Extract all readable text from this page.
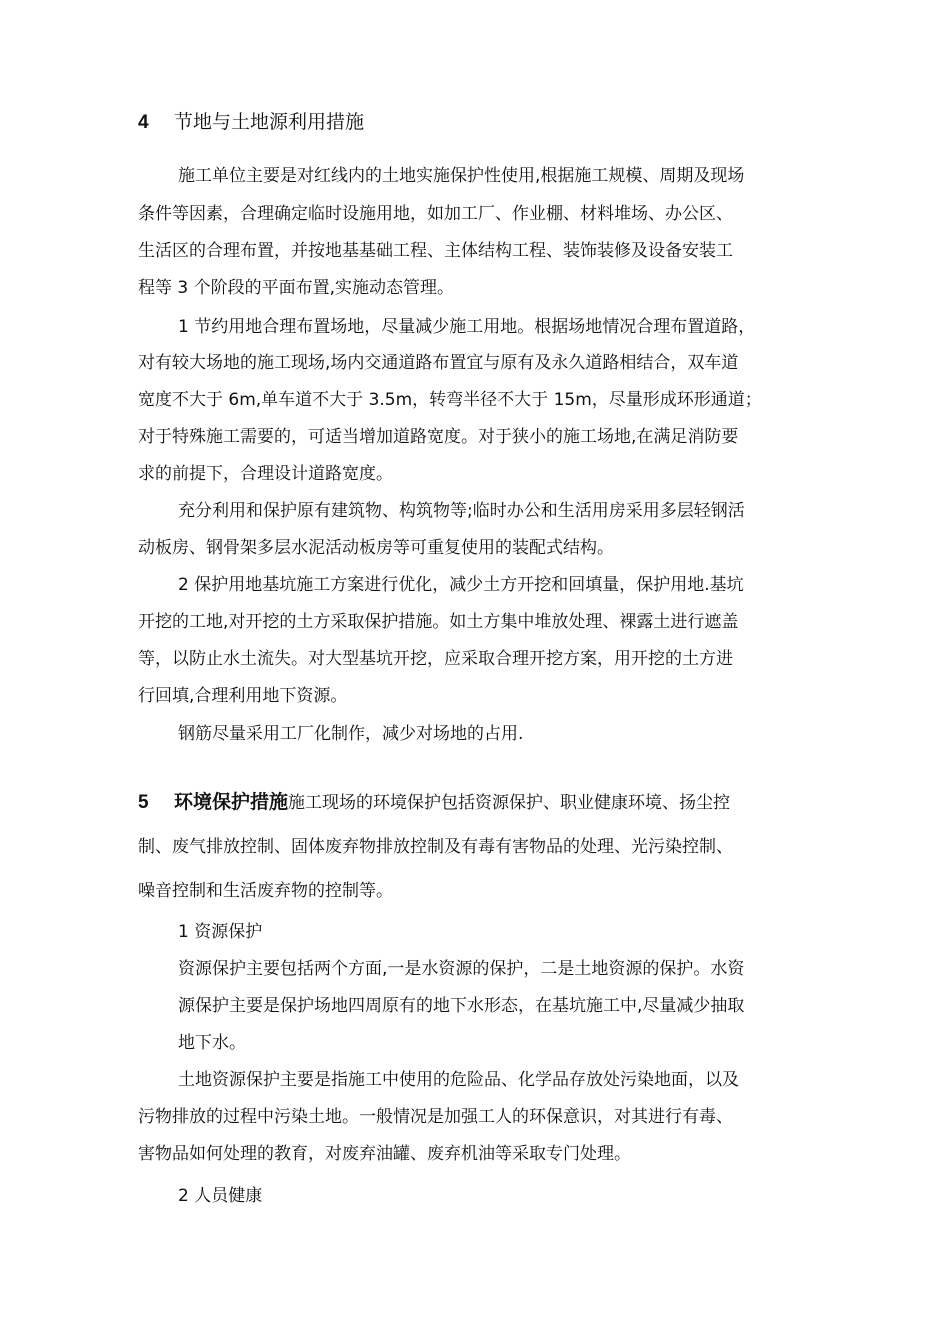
4 节地与土地源利用措施

施工单位主要是对红线内的土地实施保护性使用,根据施工规模、周期及现场

条件等因素，合理确定临时设施用地，如加工厂、作业棚、材料堆场、办公区、

生活区的合理布置，并按地基基础工程、主体结构工程、装饰装修及设备安装工

程等 3 个阶段的平面布置,实施动态管理。

1 节约用地合理布置场地，尽量减少施工用地。根据场地情况合理布置道路，

对有较大场地的施工现场,场内交通道路布置宜与原有及永久道路相结合，双车道

宽度不大于 6m,单车道不大于 3.5m，转弯半径不大于 15m，尽量形成环形通道；

对于特殊施工需要的，可适当增加道路宽度。对于狭小的施工场地,在满足消防要

求的前提下，合理设计道路宽度。

充分利用和保护原有建筑物、构筑物等;临时办公和生活用房采用多层轻钢活

动板房、钢骨架多层水泥活动板房等可重复使用的装配式结构。

2 保护用地基坑施工方案进行优化，减少土方开挖和回填量，保护用地.基坑

开挖的工地,对开挖的土方采取保护措施。如土方集中堆放处理、裸露土进行遮盖

等，以防止水土流失。对大型基坑开挖，应采取合理开挖方案，用开挖的土方进

行回填,合理利用地下资源。

钢筋尽量采用工厂化制作，减少对场地的占用.

5 环境保护措施施工现场的环境保护包括资源保护、职业健康环境、扬尘控

制、废气排放控制、固体废弃物排放控制及有毒有害物品的处理、光污染控制、

噪音控制和生活废弃物的控制等。

1 资源保护

资源保护主要包括两个方面,一是水资源的保护，二是土地资源的保护。水资

源保护主要是保护场地四周原有的地下水形态，在基坑施工中,尽量减少抽取

地下水。

土地资源保护主要是指施工中使用的危险品、化学品存放处污染地面，以及

污物排放的过程中污染土地。一般情况是加强工人的环保意识，对其进行有毒、

害物品如何处理的教育，对废弃油罐、废弃机油等采取专门处理。

2 人员健康
